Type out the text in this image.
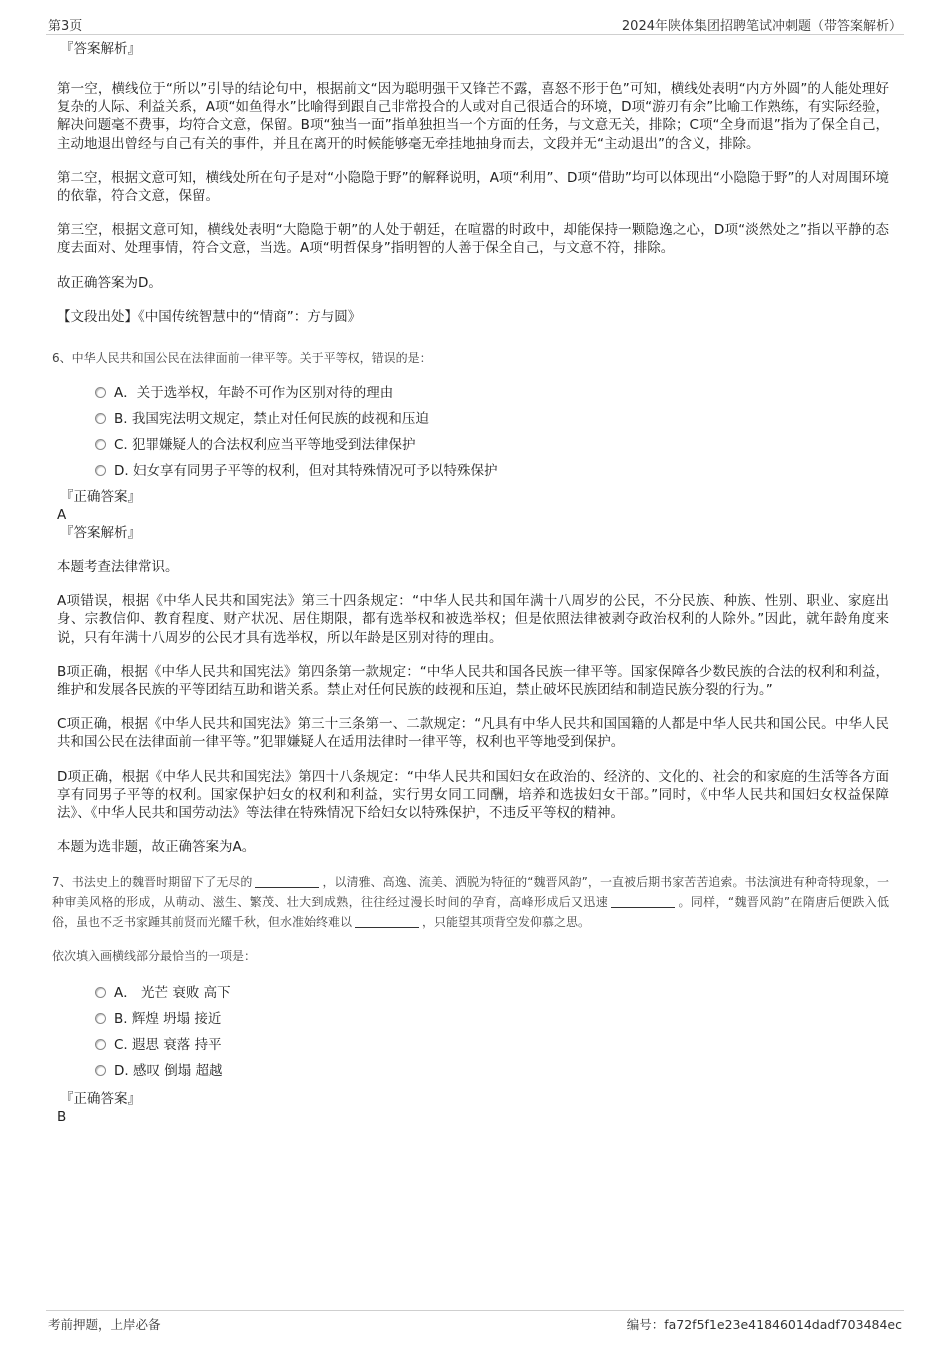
第3页	2024年陕体集团招聘笔试冲刺题（带答案解析）

『答案解析』

第一空，横线位于“所以”引导的结论句中，根据前文“因为聪明强干又锋芒不露，喜怒不形于色”可知，横线处表明“内方外圆”的人能处理好复杂的人际、利益关系，A项“如鱼得水”比喻得到跟自己非常投合的人或对自己很适合的环境，D项“游刃有余”比喻工作熟练，有实际经验，解决问题毫不费事，均符合文意，保留。B项“独当一面”指单独担当一个方面的任务，与文意无关，排除；C项“全身而退”指为了保全自己，主动地退出曾经与自己有关的事件，并且在离开的时候能够毫无牵挂地抽身而去，文段并无“主动退出”的含义，排除。

第二空，根据文意可知，横线处所在句子是对“小隐隐于野”的解释说明，A项“利用”、D项“借助”均可以体现出“小隐隐于野”的人对周围环境的依靠，符合文意，保留。

第三空，根据文意可知，横线处表明“大隐隐于朝”的人处于朝廷，在喧嚣的时政中，却能保持一颗隐逸之心，D项“淡然处之”指以平静的态度去面对、处理事情，符合文意，当选。A项“明哲保身”指明智的人善于保全自己，与文意不符，排除。

故正确答案为D。

【文段出处】《中国传统智慧中的“情商”：方与圆》

6、中华人民共和国公民在法律面前一律平等。关于平等权，错误的是：

A．关于选举权，年龄不可作为区别对待的理由
B. 我国宪法明文规定，禁止对任何民族的歧视和压迫
C. 犯罪嫌疑人的合法权利应当平等地受到法律保护
D. 妇女享有同男子平等的权利，但对其特殊情况可予以特殊保护

『正确答案』

A

『答案解析』

本题考查法律常识。

A项错误，根据《中华人民共和国宪法》第三十四条规定：“中华人民共和国年满十八周岁的公民，不分民族、种族、性别、职业、家庭出身、宗教信仰、教育程度、财产状况、居住期限，都有选举权和被选举权；但是依照法律被剥夺政治权利的人除外。”因此，就年龄角度来说，只有年满十八周岁的公民才具有选举权，所以年龄是区别对待的理由。

B项正确，根据《中华人民共和国宪法》第四条第一款规定：“中华人民共和国各民族一律平等。国家保障各少数民族的合法的权利和利益，维护和发展各民族的平等团结互助和谐关系。禁止对任何民族的歧视和压迫，禁止破坏民族团结和制造民族分裂的行为。”

C项正确，根据《中华人民共和国宪法》第三十三条第一、二款规定：“凡具有中华人民共和国国籍的人都是中华人民共和国公民。中华人民共和国公民在法律面前一律平等。”犯罪嫌疑人在适用法律时一律平等，权利也平等地受到保护。

D项正确，根据《中华人民共和国宪法》第四十八条规定：“中华人民共和国妇女在政治的、经济的、文化的、社会的和家庭的生活等各方面享有同男子平等的权利。国家保护妇女的权利和利益，实行男女同工同酬，培养和选拔妇女干部。”同时，《中华人民共和国妇女权益保障法》、《中华人民共和国劳动法》等法律在特殊情况下给妇女以特殊保护，不违反平等权的精神。

本题为选非题，故正确答案为A。

7、书法史上的魏晋时期留下了无尽的	，以清雅、高逸、流美、洒脱为特征的“魏晋风韵”，一直被后期书家苦苦追索。书法演进有种奇特现象，一种审美风格的形成，从萌动、滋生、繁茂、壮大到成熟，往往经过漫长时间的孕育，高峰形成后又迅速	。同样，“魏晋风韵”在隋唐后便跌入低俗，虽也不乏书家踵其前贤而光耀千秋，但水准始终难以	，只能望其项背空发仰慕之思。

依次填入画横线部分最恰当的一项是：

A． 光芒 衰败 高下
B. 辉煌 坍塌 接近
C. 遐思 衰落 持平
D. 感叹 倒塌 超越

『正确答案』

B

考前押题，上岸必备	编号：fa72f5f1e23e41846014dadf703484ec
